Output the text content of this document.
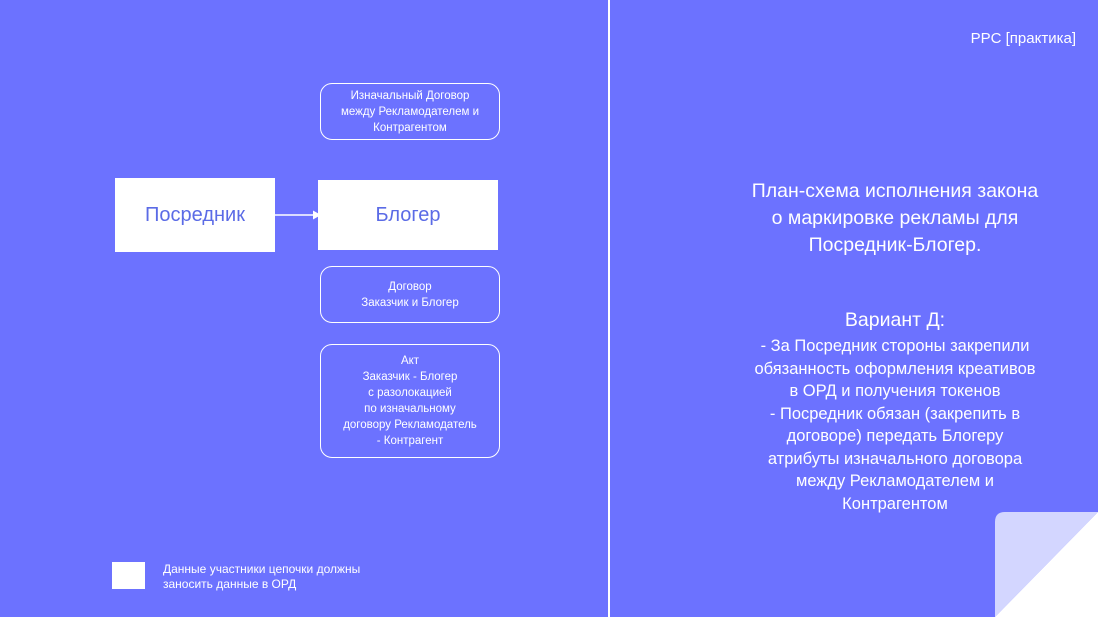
PPC [практика]
Изначальный Договор
между Рекламодателем и
Контрагентом
Посредник	Блогер
Договор
Заказчик и Блогер
Акт
Заказчик - Блогер
с разолокацией
по изначальному
договору Рекламодатель
- Контрагент
Данные участники цепочки должны
заносить данные в ОРД
План-схема исполнения закона
о маркировке рекламы для
Посредник-Блогер.
Вариант Д:
- За Посредник стороны закрепили
обязанность оформления креативов
в ОРД и получения токенов
- Посредник обязан (закрепить в
договоре) передать Блогеру
атрибуты изначального договора
между Рекламодателем и
Контрагентом
